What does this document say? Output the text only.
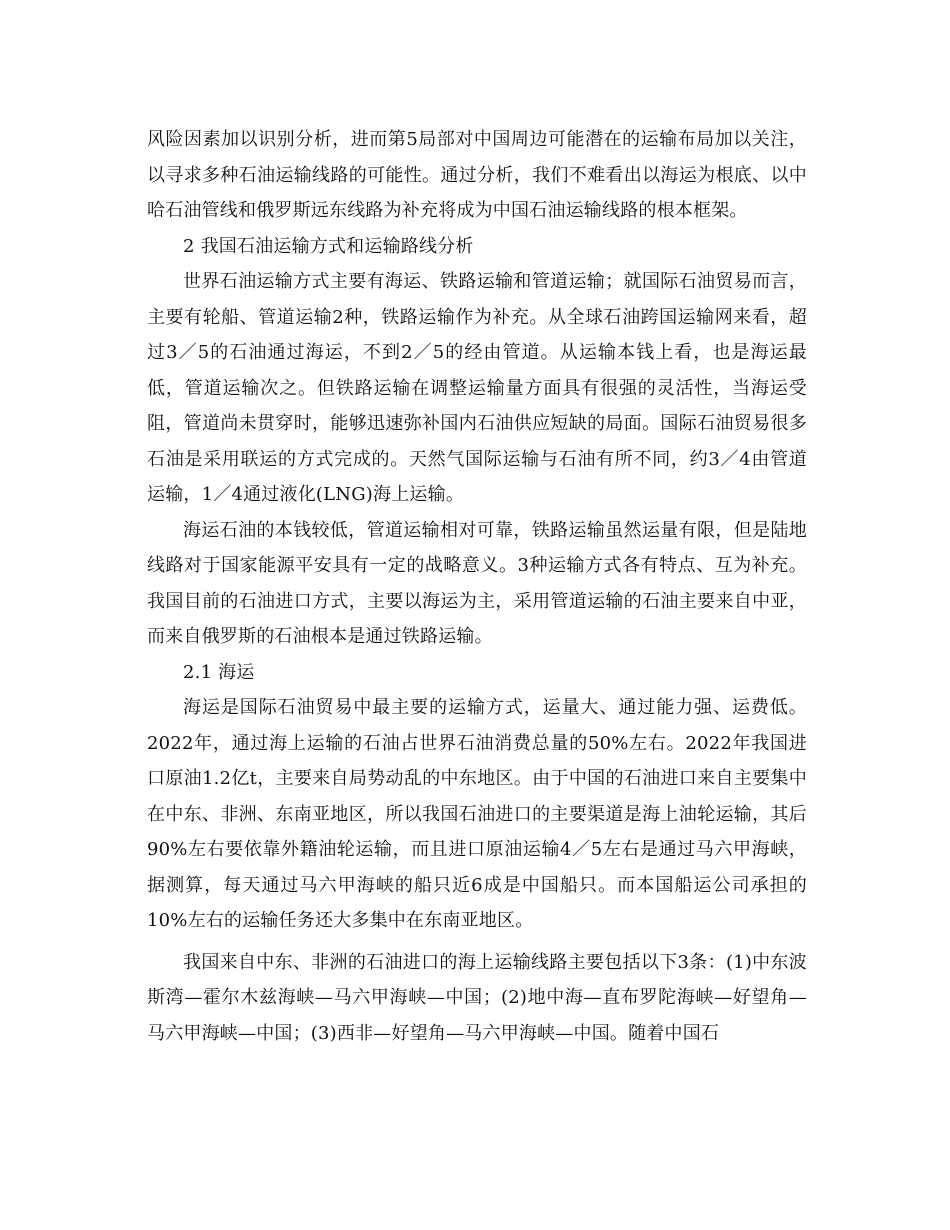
风险因素加以识别分析，进而第5局部对中国周边可能潜在的运输布局加以关注，以寻求多种石油运输线路的可能性。通过分析，我们不难看出以海运为根底、以中哈石油管线和俄罗斯远东线路为补充将成为中国石油运输线路的根本框架。

2 我国石油运输方式和运输路线分析

世界石油运输方式主要有海运、铁路运输和管道运输；就国际石油贸易而言，主要有轮船、管道运输2种，铁路运输作为补充。从全球石油跨国运输网来看，超过3／5的石油通过海运，不到2／5的经由管道。从运输本钱上看，也是海运最低，管道运输次之。但铁路运输在调整运输量方面具有很强的灵活性，当海运受阻，管道尚未贯穿时，能够迅速弥补国内石油供应短缺的局面。国际石油贸易很多石油是采用联运的方式完成的。天然气国际运输与石油有所不同，约3／4由管道运输，1／4通过液化(LNG)海上运输。

海运石油的本钱较低，管道运输相对可靠，铁路运输虽然运量有限，但是陆地线路对于国家能源平安具有一定的战略意义。3种运输方式各有特点、互为补充。我国目前的石油进口方式，主要以海运为主，采用管道运输的石油主要来自中亚，而来自俄罗斯的石油根本是通过铁路运输。

2.1 海运

海运是国际石油贸易中最主要的运输方式，运量大、通过能力强、运费低。2022年，通过海上运输的石油占世界石油消费总量的50%左右。2022年我国进口原油1.2亿t，主要来自局势动乱的中东地区。由于中国的石油进口来自主要集中在中东、非洲、东南亚地区，所以我国石油进口的主要渠道是海上油轮运输，其后90%左右要依靠外籍油轮运输，而且进口原油运输4／5左右是通过马六甲海峡，据测算，每天通过马六甲海峡的船只近6成是中国船只。而本国船运公司承担的10%左右的运输任务还大多集中在东南亚地区。

我国来自中东、非洲的石油进口的海上运输线路主要包括以下3条：(1)中东波斯湾—霍尔木兹海峡—马六甲海峡—中国；(2)地中海—直布罗陀海峡—好望角—马六甲海峡—中国；(3)西非—好望角—马六甲海峡—中国。随着中国石
